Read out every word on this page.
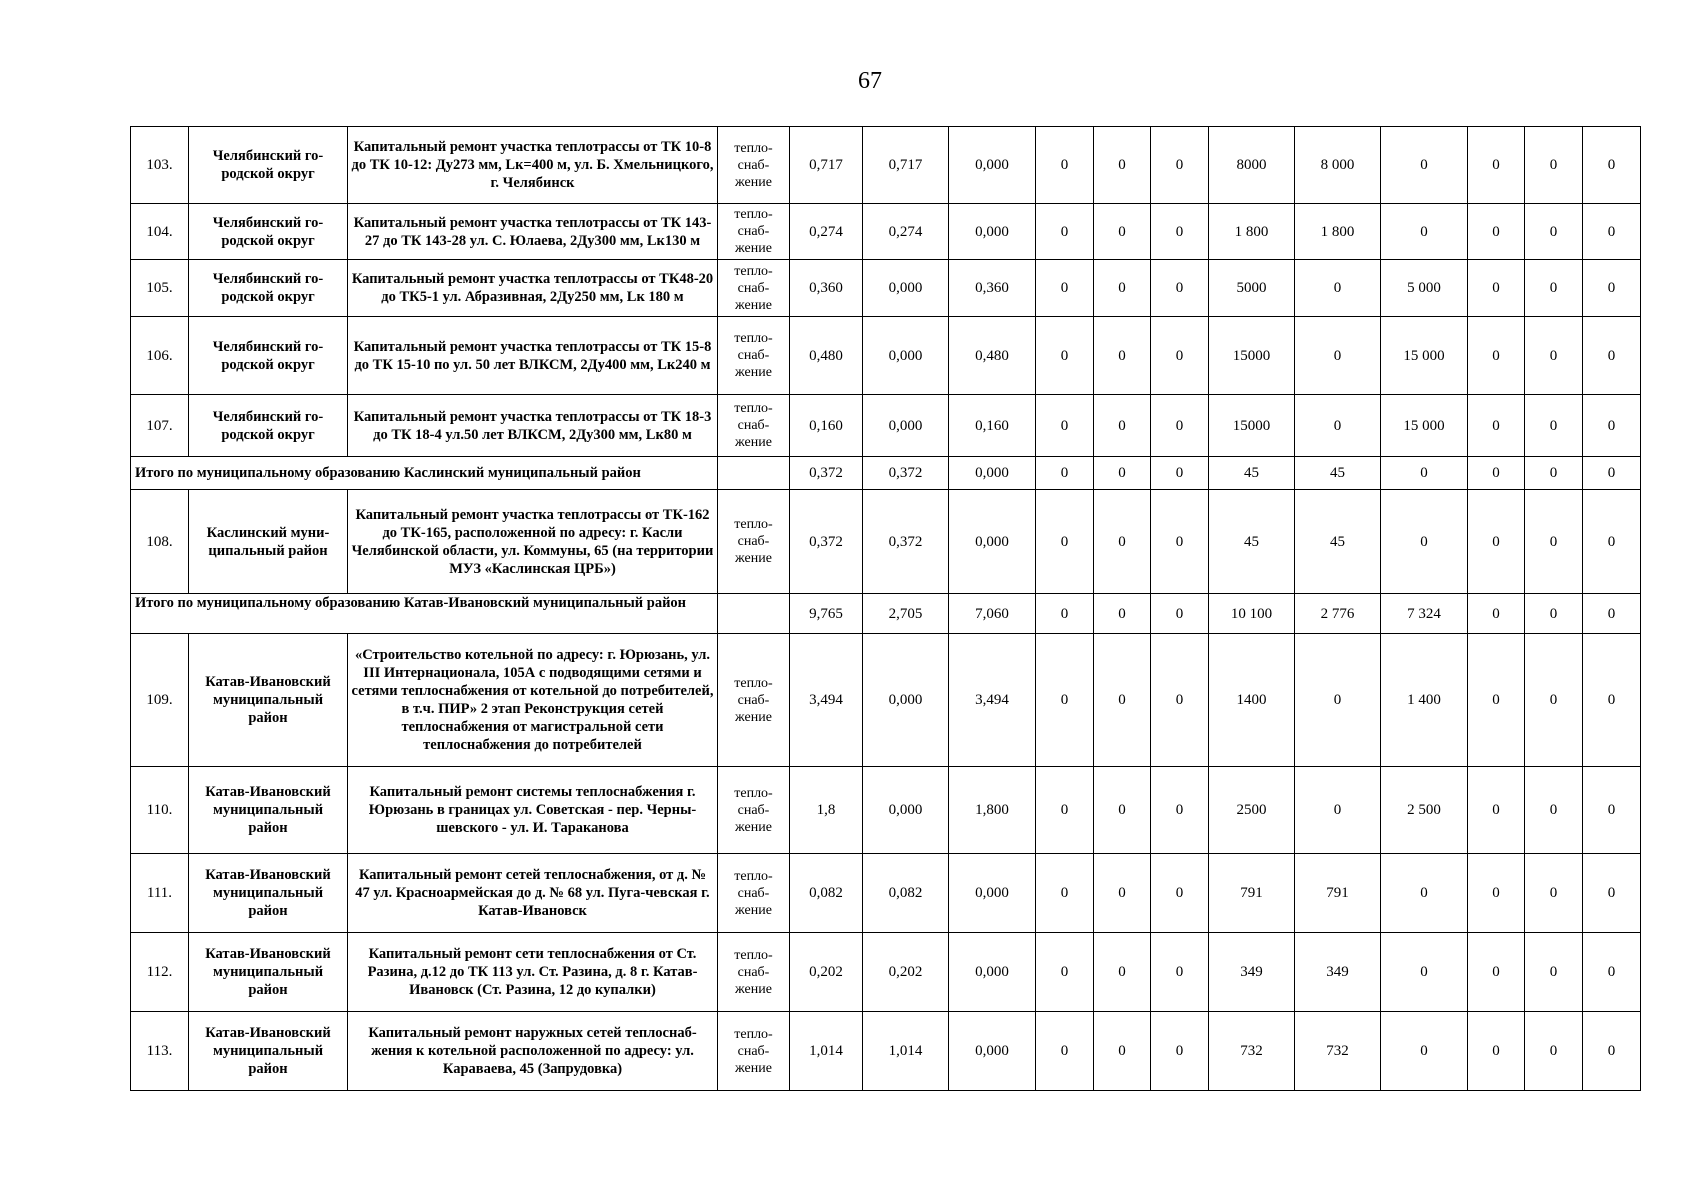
67
103.	Челябинский го-родской округ	Капитальный ремонт участка теплотрассы от ТК 10-8 до ТК 10-12: Ду273 мм, Lк=400 м, ул. Б. Хмельницкого, г. Челябинск	тепло-снаб-жение	0,717	0,717	0,000	0	0	0	8000	8 000	0	0	0	0
104.	Челябинский го-родской округ	Капитальный ремонт участка теплотрассы от ТК 143-27 до ТК 143-28 ул. С. Юлаева, 2Ду300 мм, Lк130 м	тепло-снаб-жение	0,274	0,274	0,000	0	0	0	1 800	1 800	0	0	0	0
105.	Челябинский го-родской округ	Капитальный ремонт участка теплотрассы от ТК48-20 до ТК5-1 ул. Абразивная, 2Ду250 мм, Lк 180 м	тепло-снаб-жение	0,360	0,000	0,360	0	0	0	5000	0	5 000	0	0	0
106.	Челябинский го-родской округ	Капитальный ремонт участка теплотрассы от ТК 15-8 до ТК 15-10 по ул. 50 лет ВЛКСМ, 2Ду400 мм, Lк240 м	тепло-снаб-жение	0,480	0,000	0,480	0	0	0	15000	0	15 000	0	0	0
107.	Челябинский го-родской округ	Капитальный ремонт участка теплотрассы от ТК 18-3 до ТК 18-4 ул.50 лет ВЛКСМ, 2Ду300 мм, Lк80 м	тепло-снаб-жение	0,160	0,000	0,160	0	0	0	15000	0	15 000	0	0	0
Итого по муниципальному образованию Каслинский муниципальный район				0,372	0,372	0,000	0	0	0	45	45	0	0	0	0
108.	Каслинский муни-ципальный район	Капитальный ремонт участка теплотрассы от ТК-162 до ТК-165, расположенной по адресу: г. Касли Челябинской области, ул. Коммуны, 65 (на территории МУЗ «Каслинская ЦРБ»)	тепло-снаб-жение	0,372	0,372	0,000	0	0	0	45	45	0	0	0	0
Итого по муниципальному образованию Катав-Ивановский муниципальный район				9,765	2,705	7,060	0	0	0	10 100	2 776	7 324	0	0	0
109.	Катав-Ивановский муниципальный район	«Строительство котельной по адресу: г. Юрюзань, ул. III Интернационала, 105А с подводящими сетями и сетями теплоснабжения от котельной до потребителей, в т.ч. ПИР» 2 этап Реконструкция сетей теплоснабжения от магистральной сети теплоснабжения до потребителей	тепло-снаб-жение	3,494	0,000	3,494	0	0	0	1400	0	1 400	0	0	0
110.	Катав-Ивановский муниципальный район	Капитальный ремонт системы теплоснабжения г. Юрюзань в границах ул. Советская - пер. Черны-шевского - ул. И. Тараканова	тепло-снаб-жение	1,8	0,000	1,800	0	0	0	2500	0	2 500	0	0	0
111.	Катав-Ивановский муниципальный район	Капитальный ремонт сетей теплоснабжения, от д. № 47 ул. Красноармейская до д. № 68 ул. Пуга-чевская г. Катав-Ивановск	тепло-снаб-жение	0,082	0,082	0,000	0	0	0	791	791	0	0	0	0
112.	Катав-Ивановский муниципальный район	Капитальный ремонт сети теплоснабжения от Ст. Разина, д.12 до ТК 113 ул. Ст. Разина, д. 8 г. Катав-Ивановск (Ст. Разина, 12 до купалки)	тепло-снаб-жение	0,202	0,202	0,000	0	0	0	349	349	0	0	0	0
113.	Катав-Ивановский муниципальный район	Капитальный ремонт наружных сетей теплоснаб-жения к котельной расположенной по адресу: ул. Караваева, 45 (Запрудовка)	тепло-снаб-жение	1,014	1,014	0,000	0	0	0	732	732	0	0	0	0
